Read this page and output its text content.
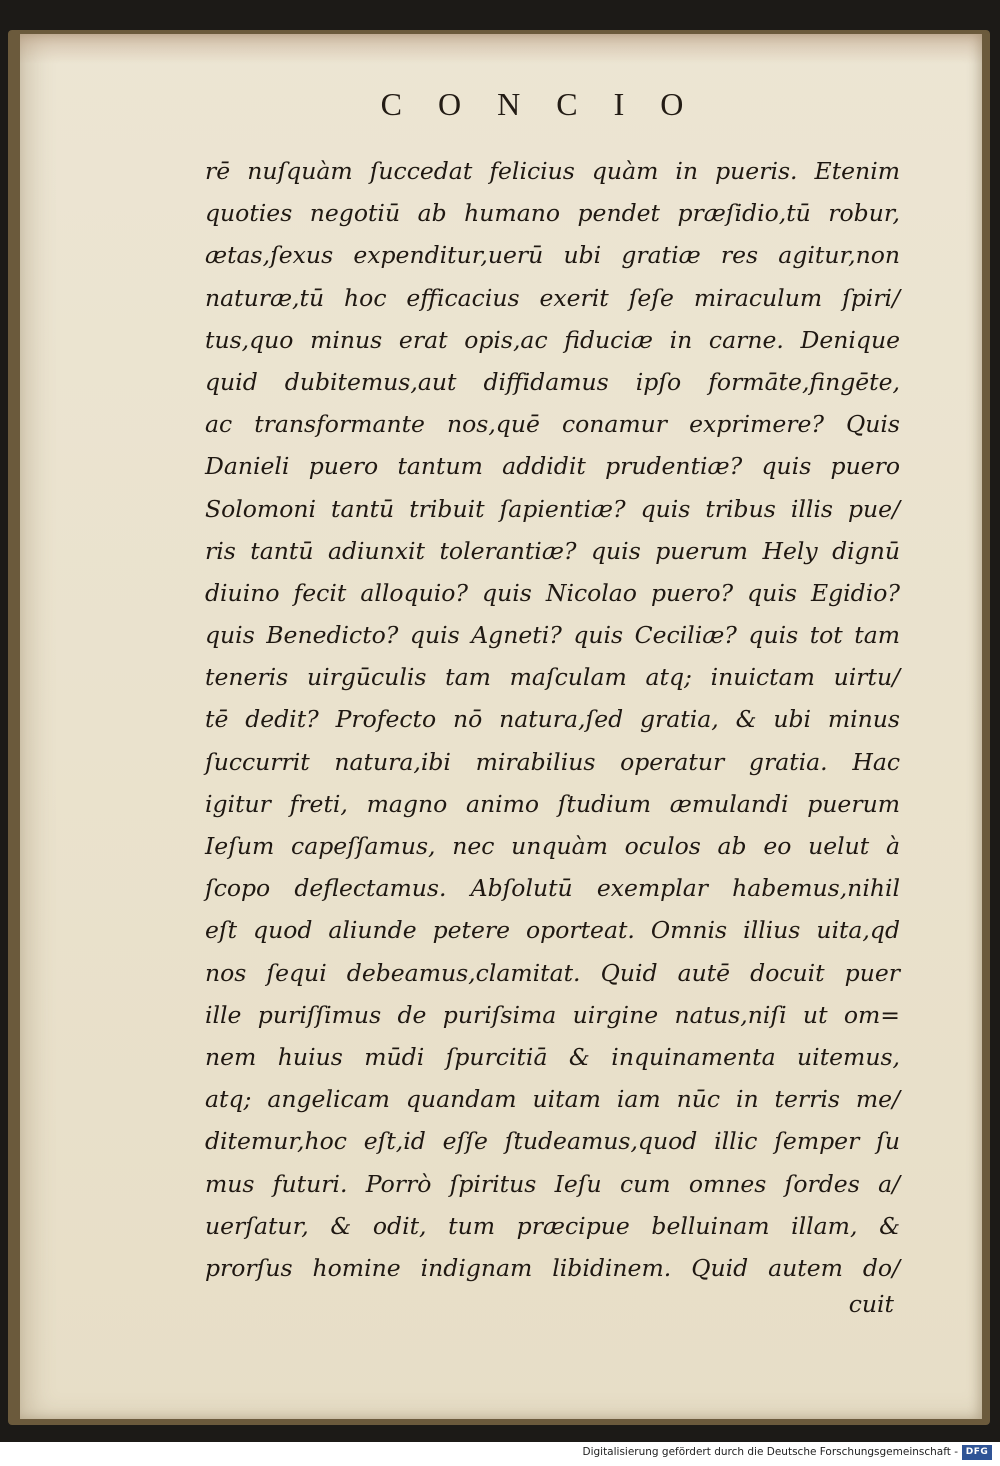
CONCIO
rē nuſquàm ſuccedat felicius quàm in pueris. Etenim
quoties negotiū ab humano pendet præſidio,tū robur,
ætas,ſexus expenditur,uerū ubi gratiæ res agitur,non
naturæ,tū hoc efficacius exerit ſeſe miraculum ſpiri/
tus,quo minus erat opis,ac fiduciæ in carne. Denique
quid dubitemus,aut diffidamus ipſo formāte,fingēte,
ac transformante nos,quē conamur exprimere? Quis
Danieli puero tantum addidit prudentiæ? quis puero
Solomoni tantū tribuit ſapientiæ? quis tribus illis pue/
ris tantū adiunxit tolerantiæ? quis puerum Hely dignū
diuino fecit alloquio? quis Nicolao puero? quis Egidio?
quis Benedicto? quis Agneti? quis Ceciliæ? quis tot tam
teneris uirgūculis tam maſculam atq; inuictam uirtu/
tē dedit? Profecto nō natura,ſed gratia, & ubi minus
ſuccurrit natura,ibi mirabilius operatur gratia. Hac
igitur freti, magno animo ſtudium æmulandi puerum
Ieſum capeſſamus, nec unquàm oculos ab eo uelut à
ſcopo deflectamus. Abſolutū exemplar habemus,nihil
eſt quod aliunde petere oporteat. Omnis illius uita,qd
nos ſequi debeamus,clamitat. Quid autē docuit puer
ille puriſſimus de puriſsima uirgine natus,niſi ut om=
nem huius mūdi ſpurcitiā & inquinamenta uitemus,
atq; angelicam quandam uitam iam nūc in terris me/
ditemur,hoc eſt,id eſſe ſtudeamus,quod illic ſemper ſu
mus futuri. Porrò ſpiritus Ieſu cum omnes ſordes a/
uerſatur, & odit, tum præcipue belluinam illam, &
prorſus homine indignam libidinem. Quid autem do/
cuit
Digitalisierung gefördert durch die Deutsche Forschungsgemeinschaft - DFG
